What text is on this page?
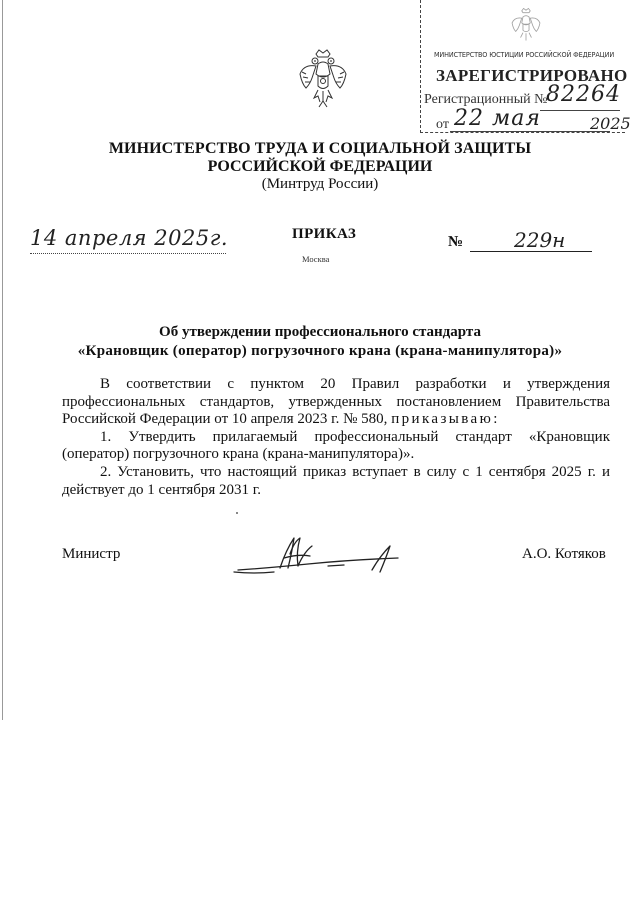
МИНИСТЕРСТВО ЮСТИЦИИ РОССИЙСКОЙ ФЕДЕРАЦИИ
ЗАРЕГИСТРИРОВАНО
Регистрационный №
82264
от 22 мая	2025
МИНИСТЕРСТВО ТРУДА И СОЦИАЛЬНОЙ ЗАЩИТЫ
РОССИЙСКОЙ ФЕДЕРАЦИИ
(Минтруд России)
14 апреля 2025г.	ПРИКАЗ
Москва
№	229н
Об утверждении профессионального стандарта
«Крановщик (оператор) погрузочного крана (крана-манипулятора)»

В соответствии с пунктом 20 Правил разработки и утверждения профессиональных стандартов, утвержденных постановлением Правительства Российской Федерации от 10 апреля 2023 г. № 580, приказываю:

1. Утвердить прилагаемый профессиональный стандарт «Крановщик (оператор) погрузочного крана (крана-манипулятора)».

2. Установить, что настоящий приказ вступает в силу с 1 сентября 2025 г. и действует до 1 сентября 2031 г.

Министр	А.О. Котяков
